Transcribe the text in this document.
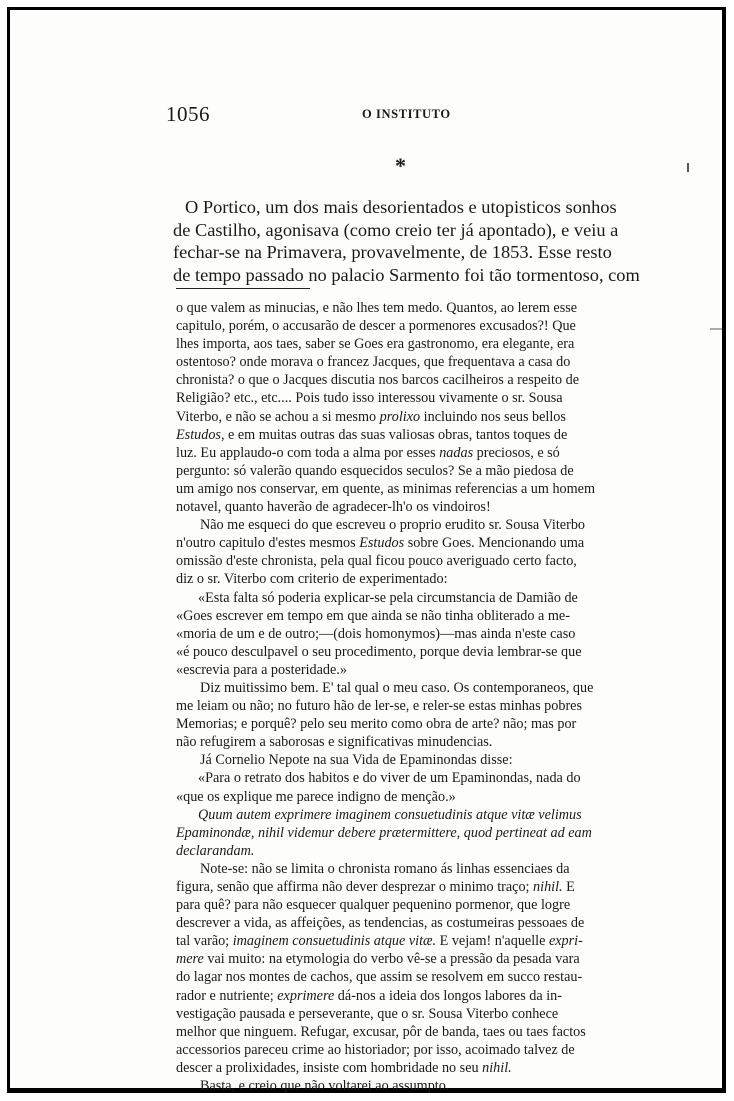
1056	O INSTITUTO
*
O Portico, um dos mais desorientados e utopisticos sonhos
de Castilho, agonisava (como creio ter já apontado), e veiu a
fechar-se na Primavera, provavelmente, de 1853. Esse resto
de tempo passado no palacio Sarmento foi tão tormentoso, com
o que valem as minucias, e não lhes tem medo. Quantos, ao lerem esse
capitulo, porém, o accusarão de descer a pormenores excusados?! Que
lhes importa, aos taes, saber se Goes era gastronomo, era elegante, era
ostentoso? onde morava o francez Jacques, que frequentava a casa do
chronista? o que o Jacques discutia nos barcos cacilheiros a respeito de
Religião? etc., etc.... Pois tudo isso interessou vivamente o sr. Sousa
Viterbo, e não se achou a si mesmo prolixo incluindo nos seus bellos
Estudos, e em muitas outras das suas valiosas obras, tantos toques de
luz. Eu applaudo-o com toda a alma por esses nadas preciosos, e só
pergunto: só valerão quando esquecidos seculos? Se a mão piedosa de
um amigo nos conservar, em quente, as minimas referencias a um homem
notavel, quanto haverão de agradecer-lh'o os vindoiros!
Não me esqueci do que escreveu o proprio erudito sr. Sousa Viterbo
n'outro capitulo d'estes mesmos Estudos sobre Goes. Mencionando uma
omissão d'este chronista, pela qual ficou pouco averiguado certo facto,
diz o sr. Viterbo com criterio de experimentado:
«Esta falta só poderia explicar-se pela circumstancia de Damião de
«Goes escrever em tempo em que ainda se não tinha obliterado a me-
«moria de um e de outro;—(dois homonymos)—mas ainda n'este caso
«é pouco desculpavel o seu procedimento, porque devia lembrar-se que
«escrevia para a posteridade.»
Diz muitissimo bem. E' tal qual o meu caso. Os contemporaneos, que
me leiam ou não; no futuro hão de ler-se, e reler-se estas minhas pobres
Memorias; e porquê? pelo seu merito como obra de arte? não; mas por
não refugirem a saborosas e significativas minudencias.
Já Cornelio Nepote na sua Vida de Epaminondas disse:
«Para o retrato dos habitos e do viver de um Epaminondas, nada do
«que os explique me parece indigno de menção.»
Quum autem exprimere imaginem consuetudinis atque vitæ velimus
Epaminondæ, nihil videmur debere prætermittere, quod pertineat ad eam
declarandam.
Note-se: não se limita o chronista romano ás linhas essenciaes da
figura, senão que affirma não dever desprezar o minimo traço; nihil. E
para quê? para não esquecer qualquer pequenino pormenor, que logre
descrever a vida, as affeições, as tendencias, as costumeiras pessoaes de
tal varão; imaginem consuetudinis atque vitæ. E vejam! n'aquelle expri-
mere vai muito: na etymologia do verbo vê-se a pressão da pesada vara
do lagar nos montes de cachos, que assim se resolvem em succo restau-
rador e nutriente; exprimere dá-nos a ideia dos longos labores da in-
vestigação pausada e perseverante, que o sr. Sousa Viterbo conhece
melhor que ninguem. Refugar, excusar, pôr de banda, taes ou taes factos
accessorios pareceu crime ao historiador; por isso, acoimado talvez de
descer a prolixidades, insiste com hombridade no seu nihil.
Basta, e creio que não voltarei ao assumpto.
